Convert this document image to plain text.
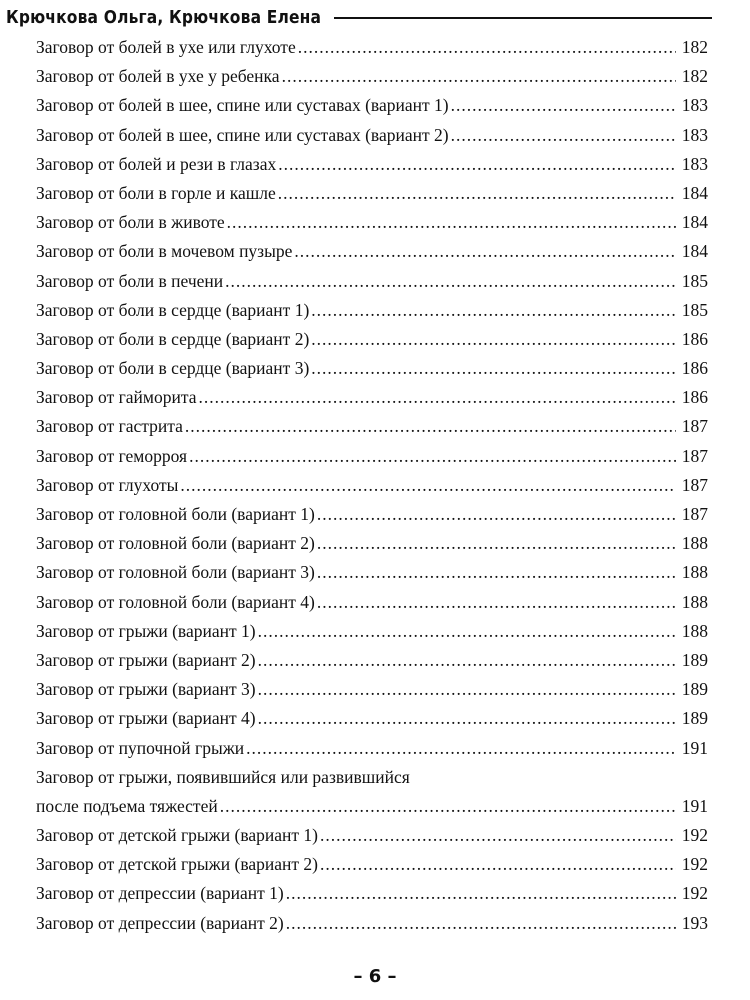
Крючкова Ольга, Крючкова Елена
Заговор от болей в ухе или глухоте .....	182
Заговор от болей в ухе у ребенка .....	182
Заговор от болей в шее, спине или суставах (вариант 1) .....	183
Заговор от болей в шее, спине или суставах (вариант 2) .....	183
Заговор от болей и рези в глазах .....	183
Заговор от боли в горле и кашле .....	184
Заговор от боли в животе .....	184
Заговор от боли в мочевом пузыре .....	184
Заговор от боли в печени .....	185
Заговор от боли в сердце (вариант 1) .....	185
Заговор от боли в сердце (вариант 2) .....	186
Заговор от боли в сердце (вариант 3) .....	186
Заговор от гайморита .....	186
Заговор от гастрита .....	187
Заговор от геморроя .....	187
Заговор от глухоты .....	187
Заговор от головной боли (вариант 1) .....	187
Заговор от головной боли (вариант 2) .....	188
Заговор от головной боли (вариант 3) .....	188
Заговор от головной боли (вариант 4) .....	188
Заговор от грыжи (вариант 1) .....	188
Заговор от грыжи (вариант 2) .....	189
Заговор от грыжи (вариант 3) .....	189
Заговор от грыжи (вариант 4) .....	189
Заговор от пупочной грыжи .....	191
Заговор от грыжи, появившийся или развившийся
после подъема тяжестей .....	191
Заговор от детской грыжи (вариант 1) .....	192
Заговор от детской грыжи (вариант 2) .....	192
Заговор от депрессии (вариант 1) .....	192
Заговор от депрессии (вариант 2) .....	193
– 6 –
